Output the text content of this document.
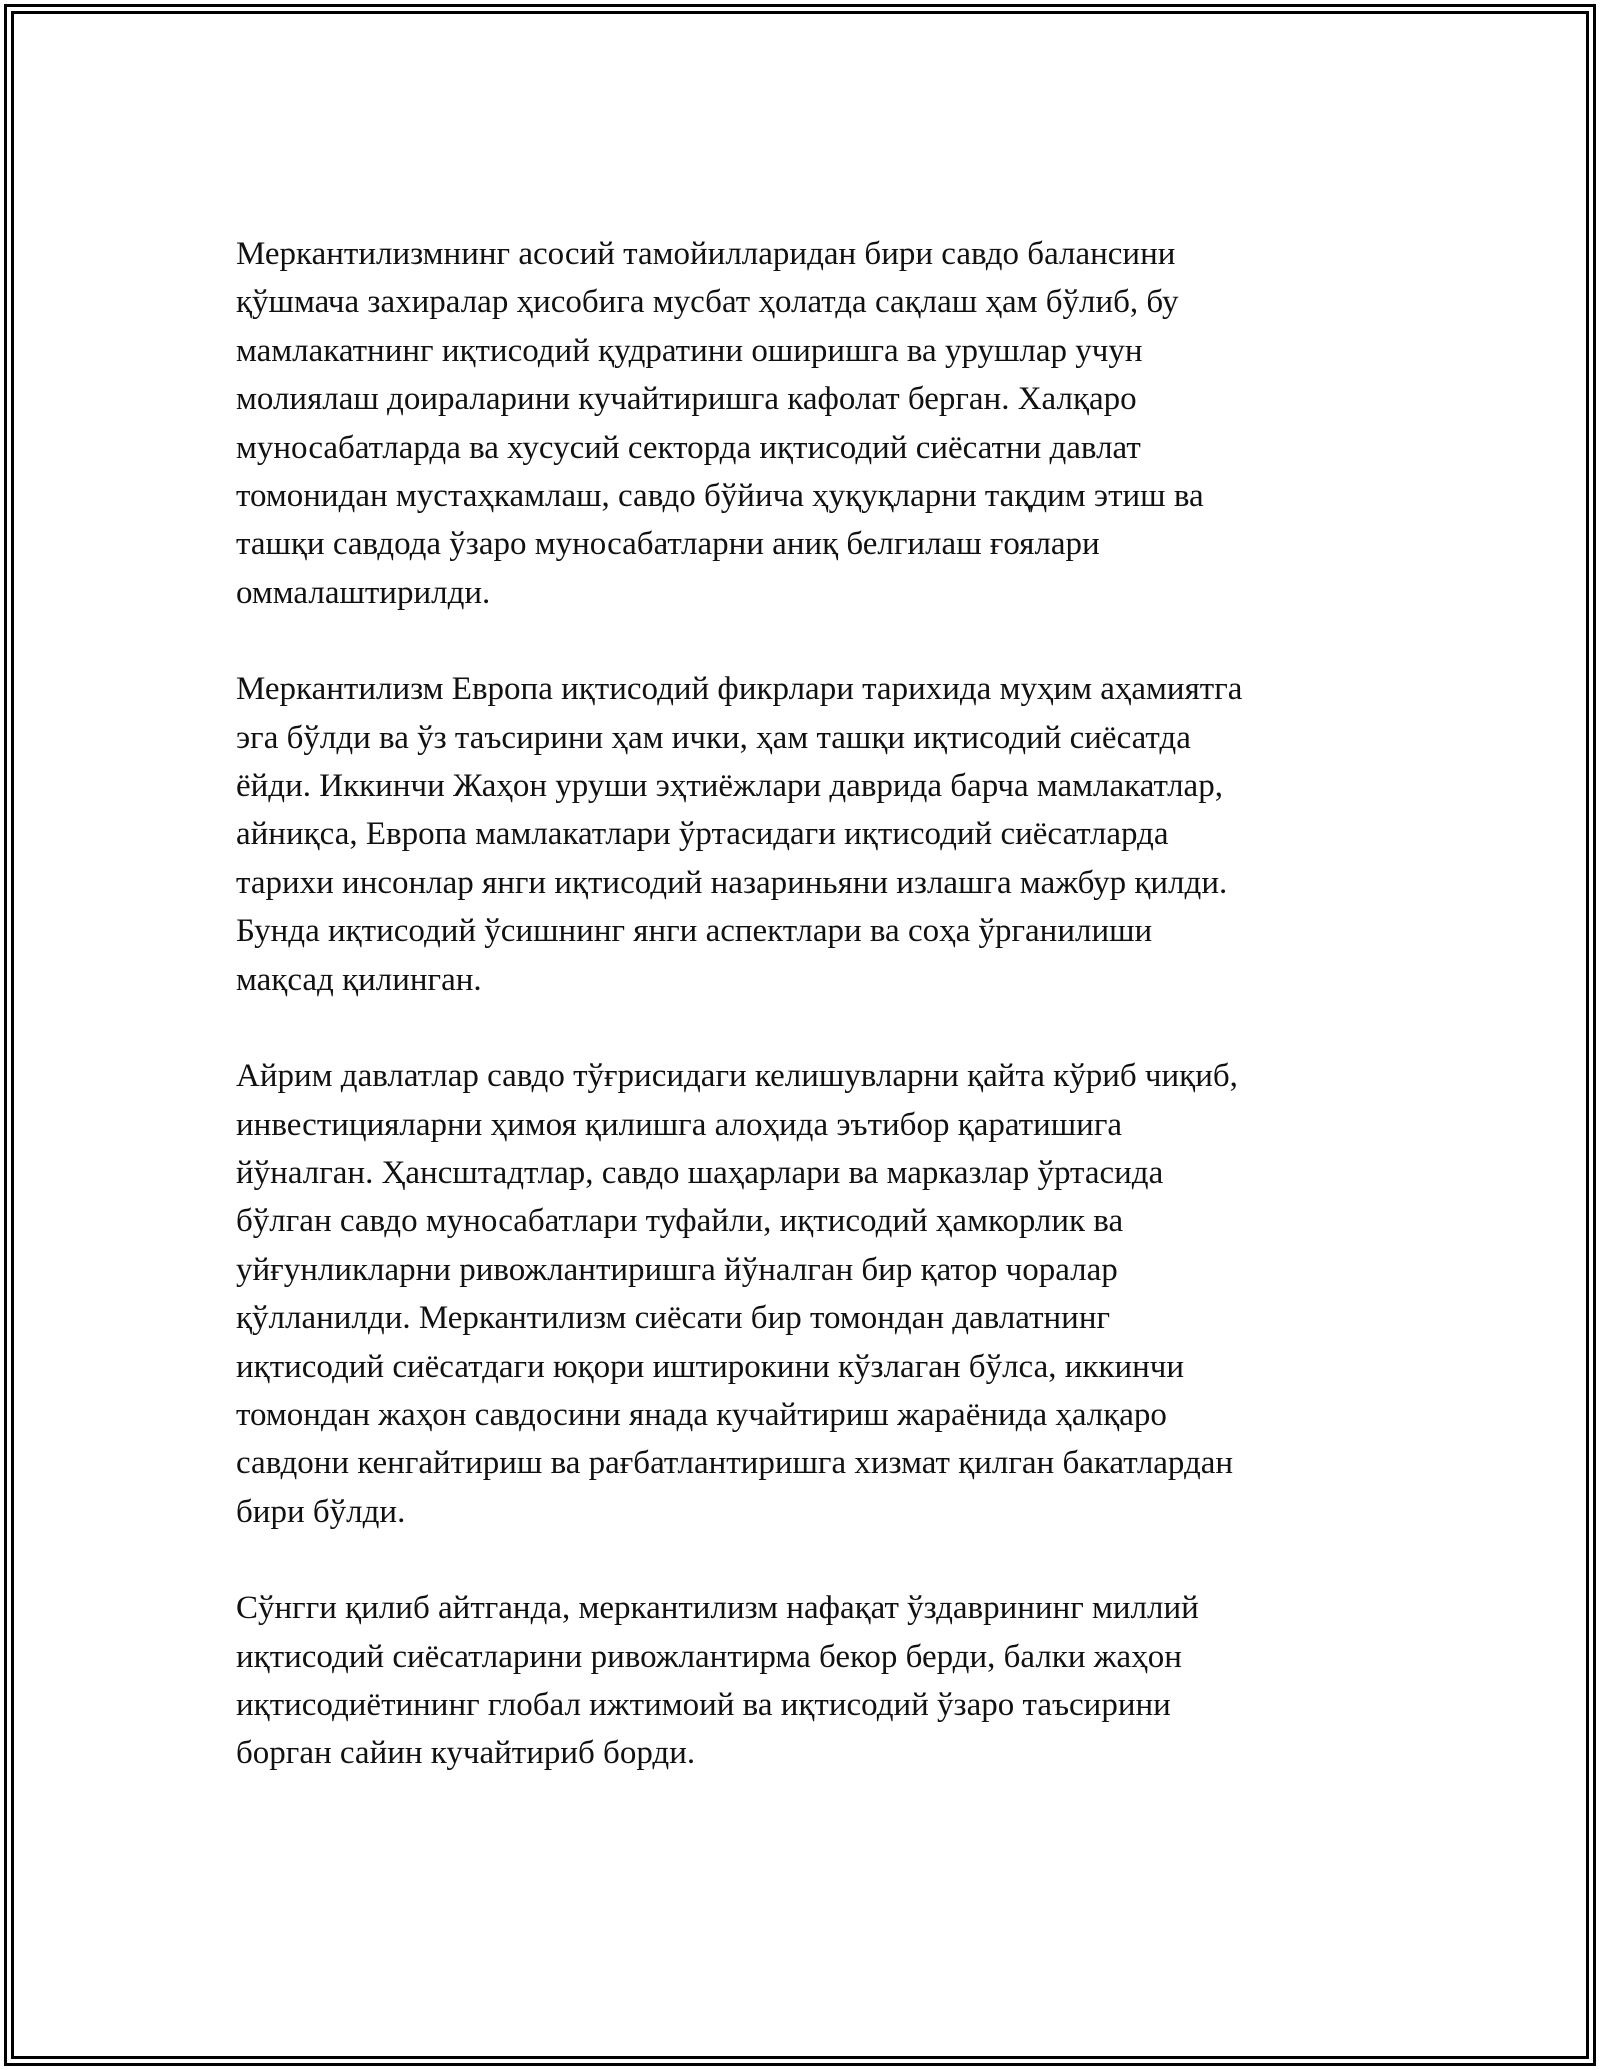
Меркантилизмнинг асосий тамойилларидан бири савдо балансини
қўшмача захиралар ҳисобига мусбат ҳолатда сақлаш ҳам бўлиб, бу
мамлакатнинг иқтисодий қудратини оширишга ва урушлар учун
молиялаш доираларини кучайтиришга кафолат берган. Халқаро
муносабатларда ва хусусий секторда иқтисодий сиёсатни давлат
томонидан мустаҳкамлаш, савдо бўйича ҳуқуқларни тақдим этиш ва
ташқи савдода ўзаро муносабатларни аниқ белгилаш ғоялари
оммалаштирилди.

Меркантилизм Европа иқтисодий фикрлари тарихида муҳим аҳамиятга
эга бўлди ва ўз таъсирини ҳам ички, ҳам ташқи иқтисодий сиёсатда
ёйди. Иккинчи Жаҳон уруши эҳтиёжлари даврида барча мамлакатлар,
айниқса, Европа мамлакатлари ўртасидаги иқтисодий сиёсатларда
тарихи инсонлар янги иқтисодий назариньяни излашга мажбур қилди.
Бунда иқтисодий ўсишнинг янги аспектлари ва соҳа ўрганилиши
мақсад қилинган.

Айрим давлатлар савдо тўғрисидаги келишувларни қайта кўриб чиқиб,
инвестицияларни ҳимоя қилишга алоҳида эътибор қаратишига
йўналган. Ҳансштадтлар, савдо шаҳарлари ва марказлар ўртасида
бўлган савдо муносабатлари туфайли, иқтисодий ҳамкорлик ва
уйғунликларни ривожлантиришга йўналган бир қатор чоралар
қўлланилди. Меркантилизм сиёсати бир томондан давлатнинг
иқтисодий сиёсатдаги юқори иштирокини кўзлаган бўлса, иккинчи
томондан жаҳон савдосини янада кучайтириш жараёнида ҳалқаро
савдони кенгайтириш ва рағбатлантиришга хизмат қилган бакатлардан
бири бўлди.

Сўнгги қилиб айтганда, меркантилизм нафақат ўздаврининг миллий
иқтисодий сиёсатларини ривожлантирма бекор берди, балки жаҳон
иқтисодиётининг глобал ижтимоий ва иқтисодий ўзаро таъсирини
борган сайин кучайтириб борди.
